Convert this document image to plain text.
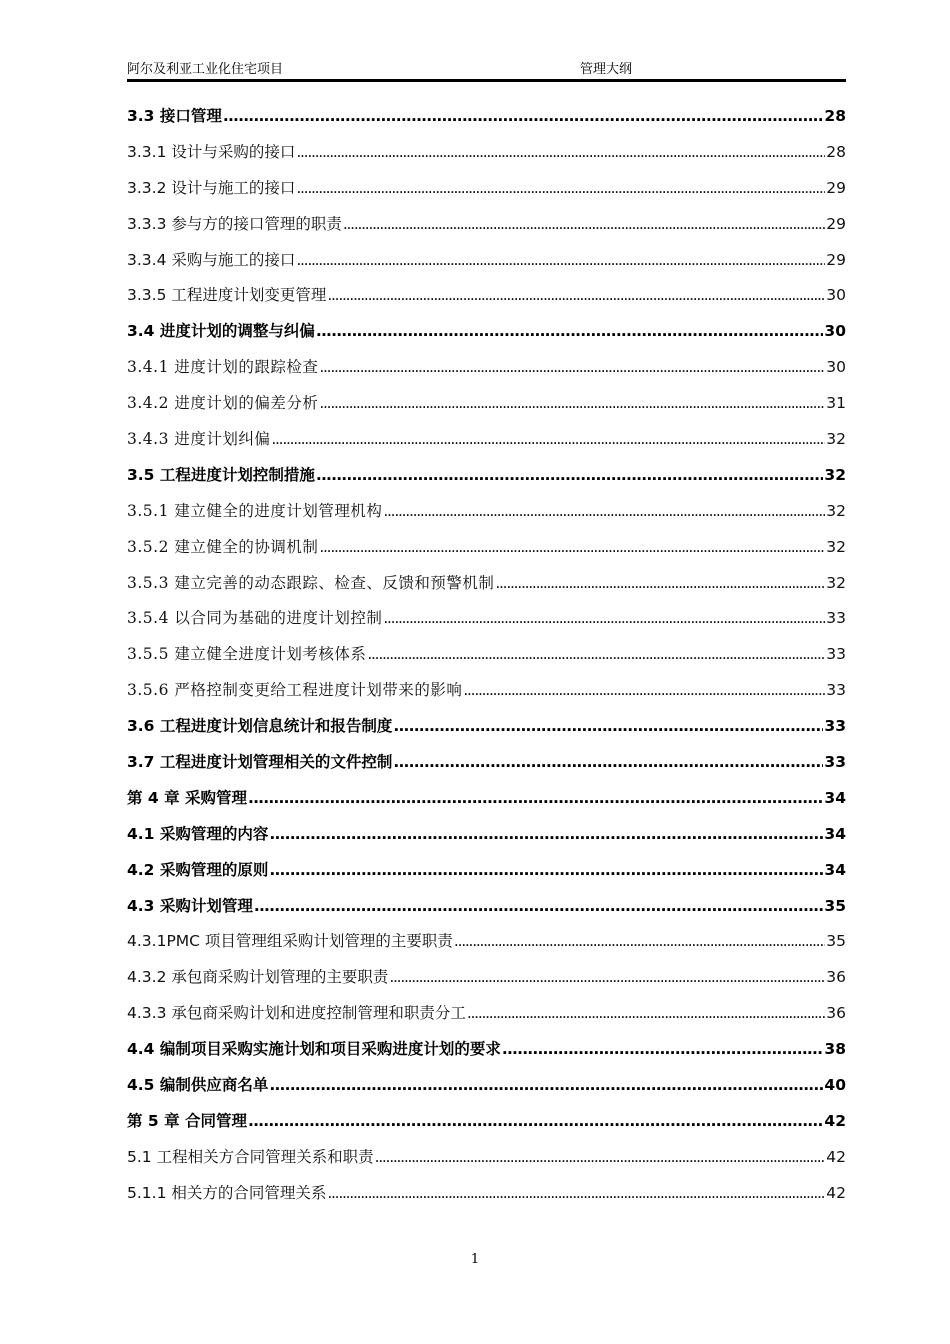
阿尔及利亚工业化住宅项目	管理大纲
3.3 接口管理 . . .	28
3.3.1 设计与采购的接口 . . .	28
3.3.2 设计与施工的接口 . . .	29
3.3.3 参与方的接口管理的职责 . . .	29
3.3.4 采购与施工的接口 . . .	29
3.3.5 工程进度计划变更管理 . . .	30
3.4 进度计划的调整与纠偏 . . .	30
3.4.1 进度计划的跟踪检查 . . .	30
3.4.2 进度计划的偏差分析 . . .	31
3.4.3 进度计划纠偏 . . .	32
3.5 工程进度计划控制措施 . . .	32
3.5.1 建立健全的进度计划管理机构 . . .	32
3.5.2 建立健全的协调机制 . . .	32
3.5.3 建立完善的动态跟踪、检查、反馈和预警机制 . . .	32
3.5.4 以合同为基础的进度计划控制 . . .	33
3.5.5 建立健全进度计划考核体系 . . .	33
3.5.6 严格控制变更给工程进度计划带来的影响 . . .	33
3.6 工程进度计划信息统计和报告制度 . . .	33
3.7 工程进度计划管理相关的文件控制 . . .	33
第 4 章 采购管理 . . .	34
4.1 采购管理的内容 . . .	34
4.2 采购管理的原则 . . .	34
4.3 采购计划管理 . . .	35
4.3.1PMC 项目管理组采购计划管理的主要职责 . . .	35
4.3.2 承包商采购计划管理的主要职责 . . .	36
4.3.3 承包商采购计划和进度控制管理和职责分工 . . .	36
4.4 编制项目采购实施计划和项目采购进度计划的要求 . . .	38
4.5 编制供应商名单 . . .	40
第 5 章 合同管理 . . .	42
5.1 工程相关方合同管理关系和职责 . . .	42
5.1.1 相关方的合同管理关系 . . .	42
1
